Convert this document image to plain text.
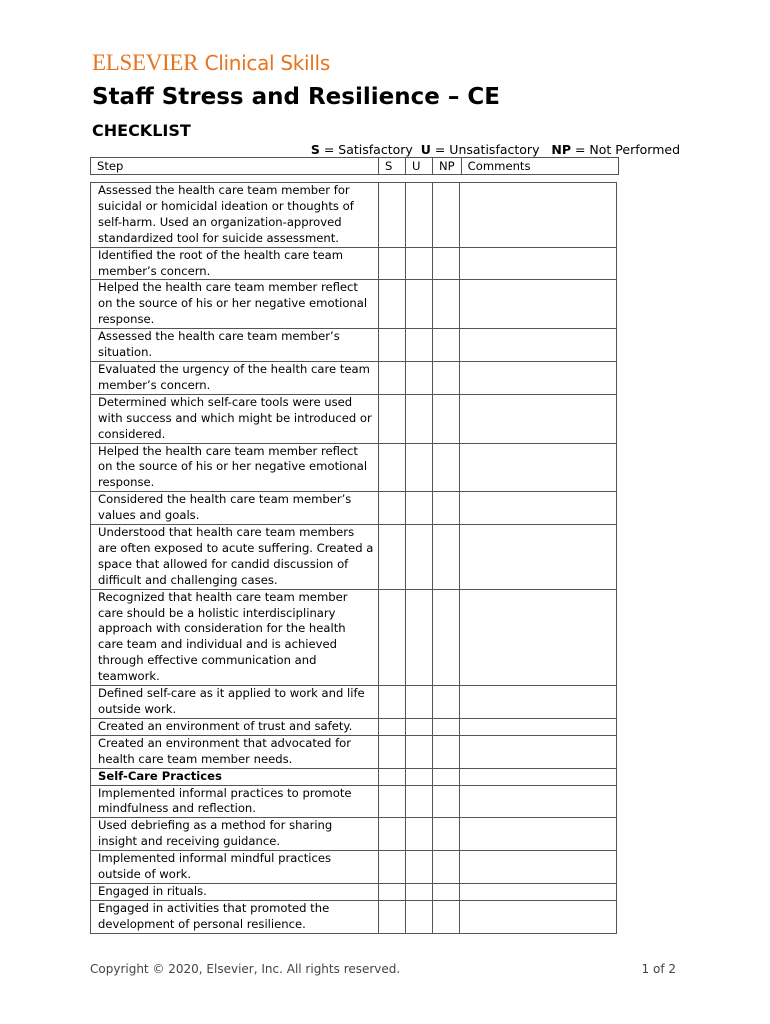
ELSEVIER Clinical Skills
Staff Stress and Resilience – CE
CHECKLIST
S = Satisfactory  U = Unsatisfactory   NP = Not Performed
Step	S	U	NP	Comments
Assessed the health care team member for suicidal or homicidal ideation or thoughts of self-harm. Used an organization-approved standardized tool for suicide assessment.				
Identified the root of the health care team member’s concern.				
Helped the health care team member reflect on the source of his or her negative emotional response.				
Assessed the health care team member’s situation.				
Evaluated the urgency of the health care team member’s concern.				
Determined which self-care tools were used with success and which might be introduced or considered.				
Helped the health care team member reflect on the source of his or her negative emotional response.				
Considered the health care team member’s values and goals.				
Understood that health care team members are often exposed to acute suffering. Created a space that allowed for candid discussion of difficult and challenging cases.				
Recognized that health care team member care should be a holistic interdisciplinary approach with consideration for the health care team and individual and is achieved through effective communication and teamwork.				
Defined self-care as it applied to work and life outside work.				
Created an environment of trust and safety.				
Created an environment that advocated for health care team member needs.				
Self-Care Practices				
Implemented informal practices to promote mindfulness and reflection.				
Used debriefing as a method for sharing insight and receiving guidance.				
Implemented informal mindful practices outside of work.				
Engaged in rituals.				
Engaged in activities that promoted the development of personal resilience.				
Copyright © 2020, Elsevier, Inc. All rights reserved.	1 of 2
